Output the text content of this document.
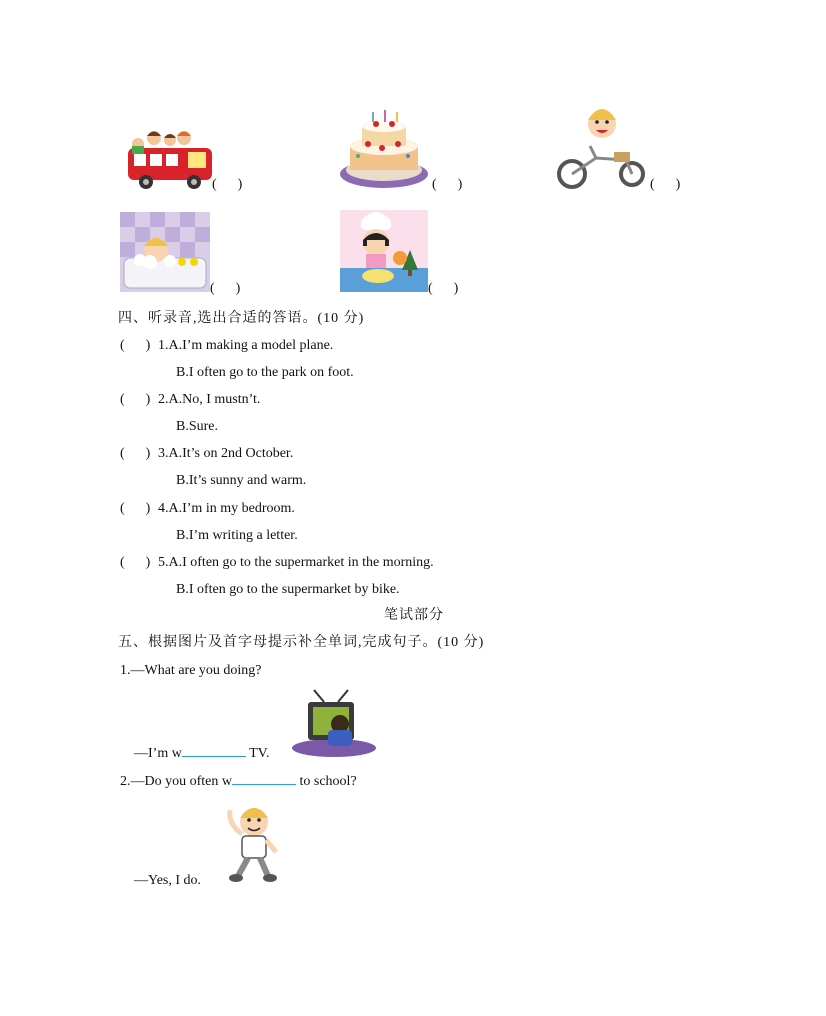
(      )	(      )	(      )
(      )	(      )
四、听录音,选出合适的答语。(10 分)
(      ) 1.A.I’m making a model plane.
B.I often go to the park on foot.
(      ) 2.A.No, I mustn’t.
B.Sure.
(      ) 3.A.It’s on 2nd October.
B.It’s sunny and warm.
(      ) 4.A.I’m in my bedroom.
B.I’m writing a letter.
(      ) 5.A.I often go to the supermarket in the morning.
B.I often go to the supermarket by bike.
笔试部分
五、根据图片及首字母提示补全单词,完成句子。(10 分)
1.—What are you doing?
—I’m w	TV.
2.—Do you often w	to school?
—Yes, I do.
